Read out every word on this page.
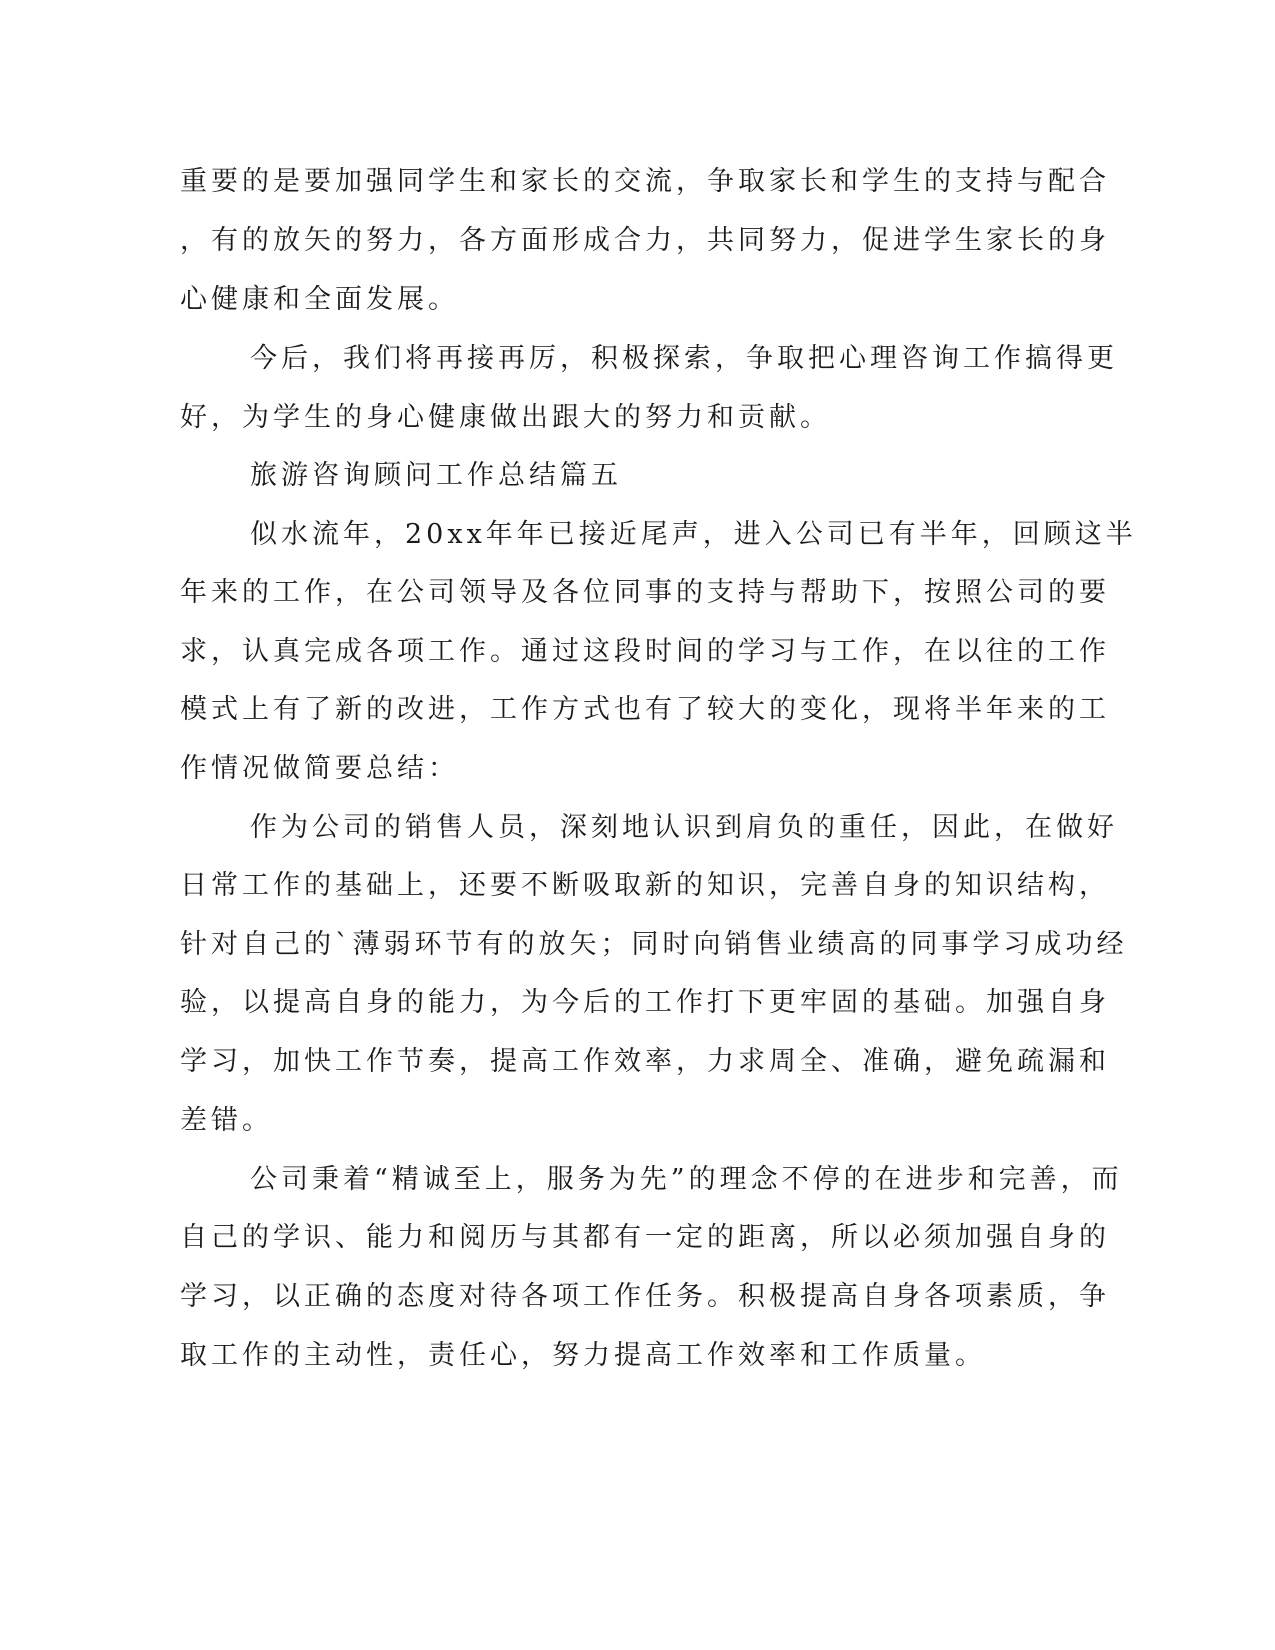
重要的是要加强同学生和家长的交流，争取家长和学生的支持与配合
，有的放矢的努力，各方面形成合力，共同努力，促进学生家长的身
心健康和全面发展。
今后，我们将再接再厉，积极探索，争取把心理咨询工作搞得更
好，为学生的身心健康做出跟大的努力和贡献。
旅游咨询顾问工作总结篇五
似水流年，20xx年年已接近尾声，进入公司已有半年，回顾这半
年来的工作，在公司领导及各位同事的支持与帮助下，按照公司的要
求，认真完成各项工作。通过这段时间的学习与工作，在以往的工作
模式上有了新的改进，工作方式也有了较大的变化，现将半年来的工
作情况做简要总结：
作为公司的销售人员，深刻地认识到肩负的重任，因此，在做好
日常工作的基础上，还要不断吸取新的知识，完善自身的知识结构，
针对自己的`薄弱环节有的放矢；同时向销售业绩高的同事学习成功经
验，以提高自身的能力，为今后的工作打下更牢固的基础。加强自身
学习，加快工作节奏，提高工作效率，力求周全、准确，避免疏漏和
差错。
公司秉着“精诚至上，服务为先”的理念不停的在进步和完善，而
自己的学识、能力和阅历与其都有一定的距离，所以必须加强自身的
学习，以正确的态度对待各项工作任务。积极提高自身各项素质，争
取工作的主动性，责任心，努力提高工作效率和工作质量。
